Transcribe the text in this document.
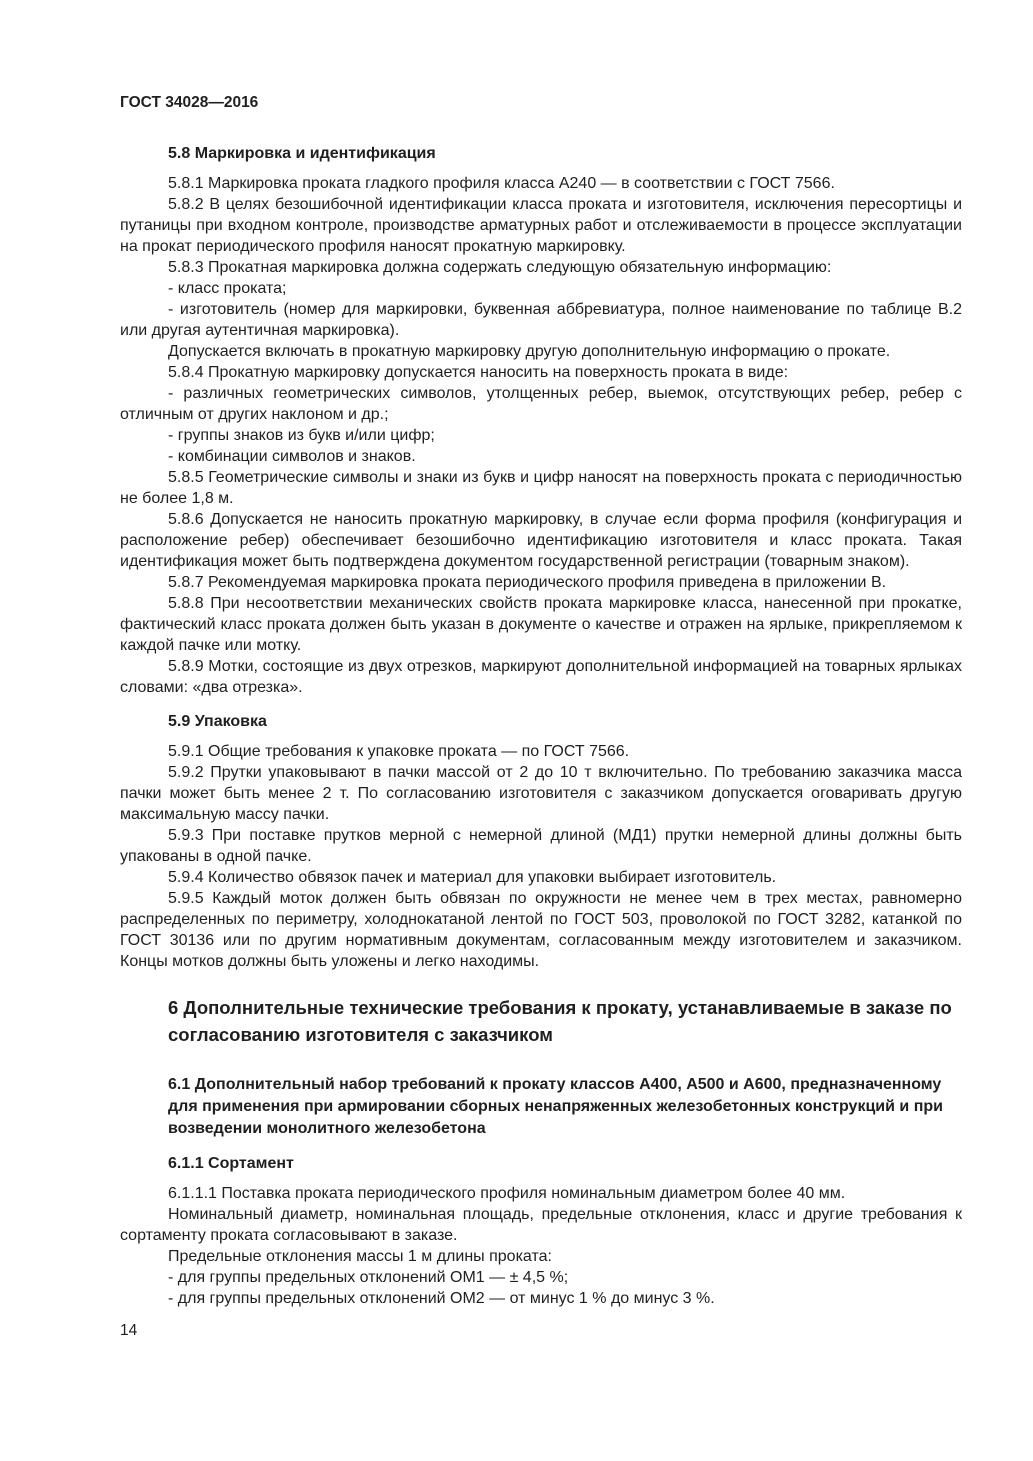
ГОСТ 34028—2016
5.8 Маркировка и идентификация
5.8.1 Маркировка проката гладкого профиля класса А240 — в соответствии с ГОСТ 7566.
5.8.2 В целях безошибочной идентификации класса проката и изготовителя, исключения пересортицы и путаницы при входном контроле, производстве арматурных работ и отслеживаемости в процессе эксплуатации на прокат периодического профиля наносят прокатную маркировку.
5.8.3 Прокатная маркировка должна содержать следующую обязательную информацию:
- класс проката;
- изготовитель (номер для маркировки, буквенная аббревиатура, полное наименование по таблице В.2 или другая аутентичная маркировка).
Допускается включать в прокатную маркировку другую дополнительную информацию о прокате.
5.8.4 Прокатную маркировку допускается наносить на поверхность проката в виде:
- различных геометрических символов, утолщенных ребер, выемок, отсутствующих ребер, ребер с отличным от других наклоном и др.;
- группы знаков из букв и/или цифр;
- комбинации символов и знаков.
5.8.5 Геометрические символы и знаки из букв и цифр наносят на поверхность проката с периодичностью не более 1,8 м.
5.8.6 Допускается не наносить прокатную маркировку, в случае если форма профиля (конфигурация и расположение ребер) обеспечивает безошибочно идентификацию изготовителя и класс проката. Такая идентификация может быть подтверждена документом государственной регистрации (товарным знаком).
5.8.7 Рекомендуемая маркировка проката периодического профиля приведена в приложении В.
5.8.8 При несоответствии механических свойств проката маркировке класса, нанесенной при прокатке, фактический класс проката должен быть указан в документе о качестве и отражен на ярлыке, прикрепляемом к каждой пачке или мотку.
5.8.9 Мотки, состоящие из двух отрезков, маркируют дополнительной информацией на товарных ярлыках словами: «два отрезка».
5.9 Упаковка
5.9.1 Общие требования к упаковке проката — по ГОСТ 7566.
5.9.2 Прутки упаковывают в пачки массой от 2 до 10 т включительно. По требованию заказчика масса пачки может быть менее 2 т. По согласованию изготовителя с заказчиком допускается оговаривать другую максимальную массу пачки.
5.9.3 При поставке прутков мерной с немерной длиной (МД1) прутки немерной длины должны быть упакованы в одной пачке.
5.9.4 Количество обвязок пачек и материал для упаковки выбирает изготовитель.
5.9.5 Каждый моток должен быть обвязан по окружности не менее чем в трех местах, равномерно распределенных по периметру, холоднокатаной лентой по ГОСТ 503, проволокой по ГОСТ 3282, катанкой по ГОСТ 30136 или по другим нормативным документам, согласованным между изготовителем и заказчиком. Концы мотков должны быть уложены и легко находимы.
6 Дополнительные технические требования к прокату, устанавливаемые в заказе по согласованию изготовителя с заказчиком
6.1 Дополнительный набор требований к прокату классов А400, А500 и А600, предназначенному для применения при армировании сборных ненапряженных железобетонных конструкций и при возведении монолитного железобетона
6.1.1 Сортамент
6.1.1.1 Поставка проката периодического профиля номинальным диаметром более 40 мм.
Номинальный диаметр, номинальная площадь, предельные отклонения, класс и другие требования к сортаменту проката согласовывают в заказе.
Предельные отклонения массы 1 м длины проката:
- для группы предельных отклонений ОМ1 — ± 4,5 %;
- для группы предельных отклонений ОМ2 — от минус 1 % до минус 3 %.
14
